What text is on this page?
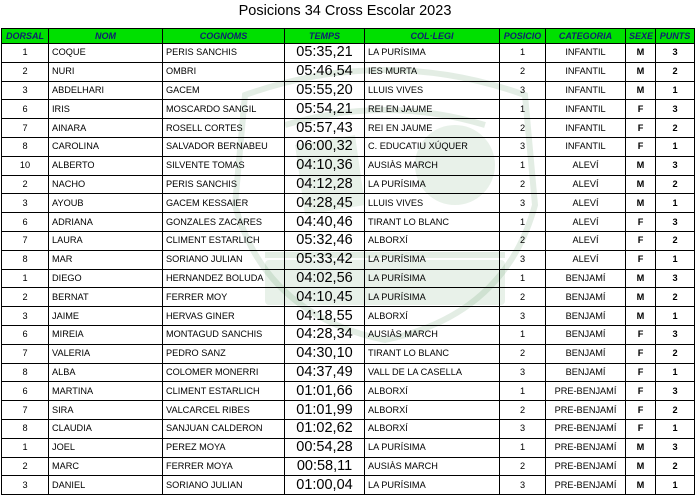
Posicions 34 Cross Escolar 2023
DORSAL	NOM	COGNOMS	TEMPS	COL·LEGI	POSICIO	CATEGORIA	SEXE	PUNTS
1	COQUE	PERIS SANCHIS	05:35,21	LA PURÍSIMA	1	INFANTIL	M	3
2	NURI	OMBRI	05:46,54	IES MURTA	2	INFANTIL	M	2
3	ABDELHARI	GACEM	05:55,20	LLUIS VIVES	3	INFANTIL	M	1
6	IRIS	MOSCARDO SANGIL	05:54,21	REI EN JAUME	1	INFANTIL	F	3
7	AINARA	ROSELL CORTES	05:57,43	REI EN JAUME	2	INFANTIL	F	2
8	CAROLINA	SALVADOR BERNABEU	06:00,32	C. EDUCATIU XÚQUER	3	INFANTIL	F	1
10	ALBERTO	SILVENTE TOMAS	04:10,36	AUSIÀS MARCH	1	ALEVÍ	M	3
2	NACHO	PERIS SANCHIS	04:12,28	LA PURÍSIMA	2	ALEVÍ	M	2
3	AYOUB	GACEM KESSAIER	04:28,45	LLUIS VIVES	3	ALEVÍ	M	1
6	ADRIANA	GONZALES ZACARES	04:40,46	TIRANT LO BLANC	1	ALEVÍ	F	3
7	LAURA	CLIMENT ESTARLICH	05:32,46	ALBORXÍ	2	ALEVÍ	F	2
8	MAR	SORIANO JULIAN	05:33,42	LA PURÍSIMA	3	ALEVÍ	F	1
1	DIEGO	HERNANDEZ BOLUDA	04:02,56	LA PURÍSIMA	1	BENJAMÍ	M	3
2	BERNAT	FERRER MOY	04:10,45	LA PURÍSIMA	2	BENJAMÍ	M	2
3	JAIME	HERVAS GINER	04:18,55	ALBORXÍ	3	BENJAMÍ	M	1
6	MIREIA	MONTAGUD SANCHIS	04:28,34	AUSIÀS MARCH	1	BENJAMÍ	F	3
7	VALERIA	PEDRO SANZ	04:30,10	TIRANT LO BLANC	2	BENJAMÍ	F	2
8	ALBA	COLOMER MONERRI	04:37,49	VALL DE LA CASELLA	3	BENJAMÍ	F	1
6	MARTINA	CLIMENT ESTARLICH	01:01,66	ALBORXÍ	1	PRE-BENJAMÍ	F	3
7	SIRA	VALCARCEL RIBES	01:01,99	ALBORXÍ	2	PRE-BENJAMÍ	F	2
8	CLAUDIA	SANJUAN CALDERON	01:02,62	ALBORXÍ	3	PRE-BENJAMÍ	F	1
1	JOEL	PEREZ MOYA	00:54,28	LA PURÍSIMA	1	PRE-BENJAMÍ	M	3
2	MARC	FERRER MOYA	00:58,11	AUSIÀS MARCH	2	PRE-BENJAMÍ	M	2
3	DANIEL	SORIANO JULIAN	01:00,04	LA PURÍSIMA	3	PRE-BENJAMÍ	M	1
